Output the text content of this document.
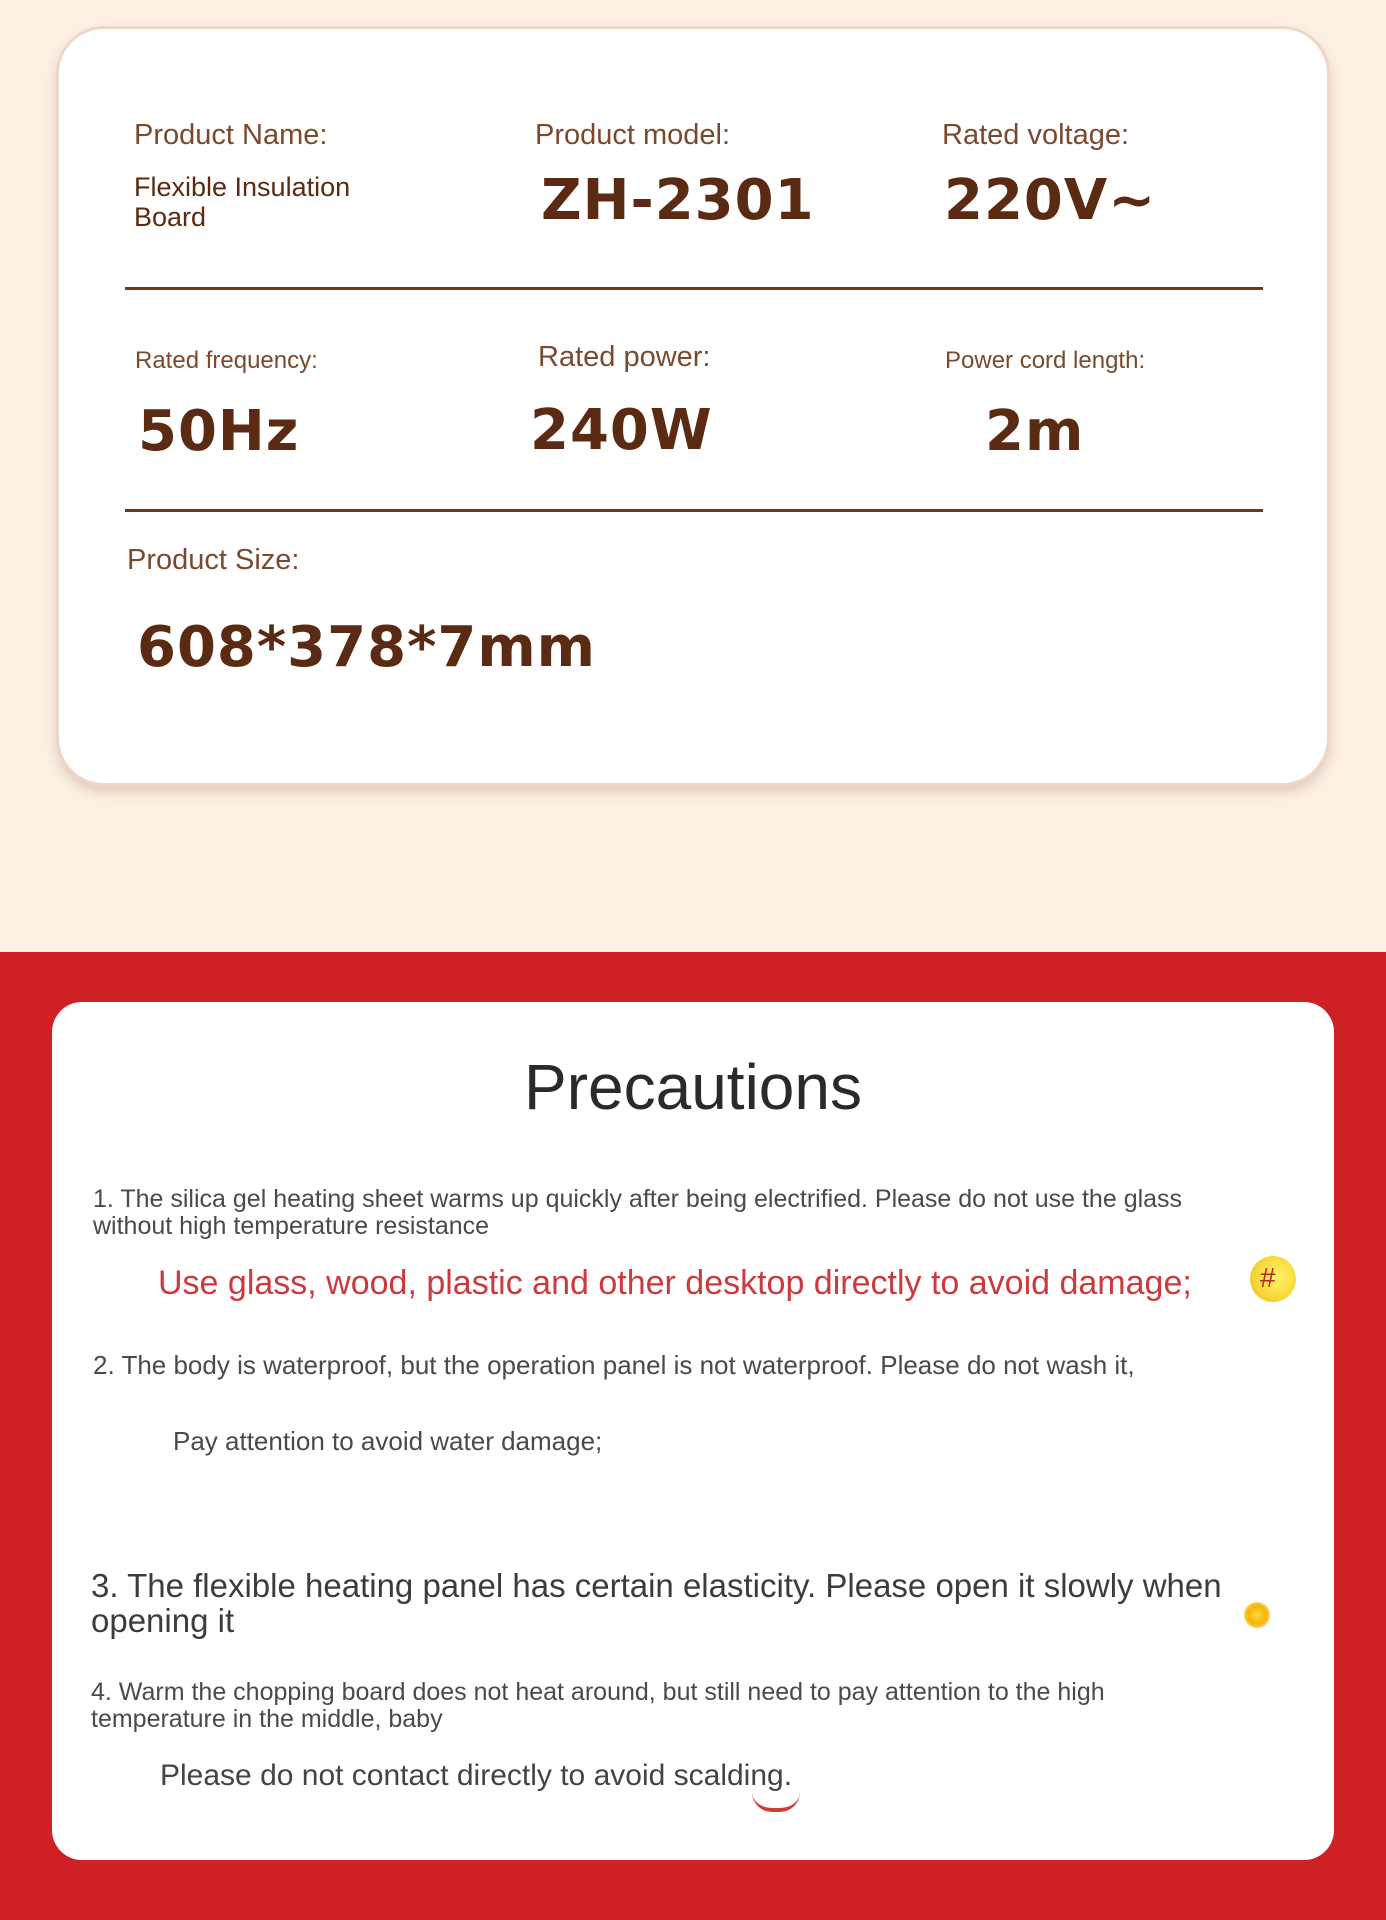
Product Name:
Flexible Insulation Board
Product model:
ZH-2301
Rated voltage:
220V~
Rated frequency:
50Hz
Rated power:
240W
Power cord length:
2m
Product Size:
608*378*7mm
Precautions
1. The silica gel heating sheet warms up quickly after being electrified. Please do not use the glass without high temperature resistance
Use glass, wood, plastic and other desktop directly to avoid damage; #
2. The body is waterproof, but the operation panel is not waterproof. Please do not wash it,
Pay attention to avoid water damage;
3. The flexible heating panel has certain elasticity. Please open it slowly when opening it
4. Warm the chopping board does not heat around, but still need to pay attention to the high temperature in the middle, baby
Please do not contact directly to avoid scalding.
